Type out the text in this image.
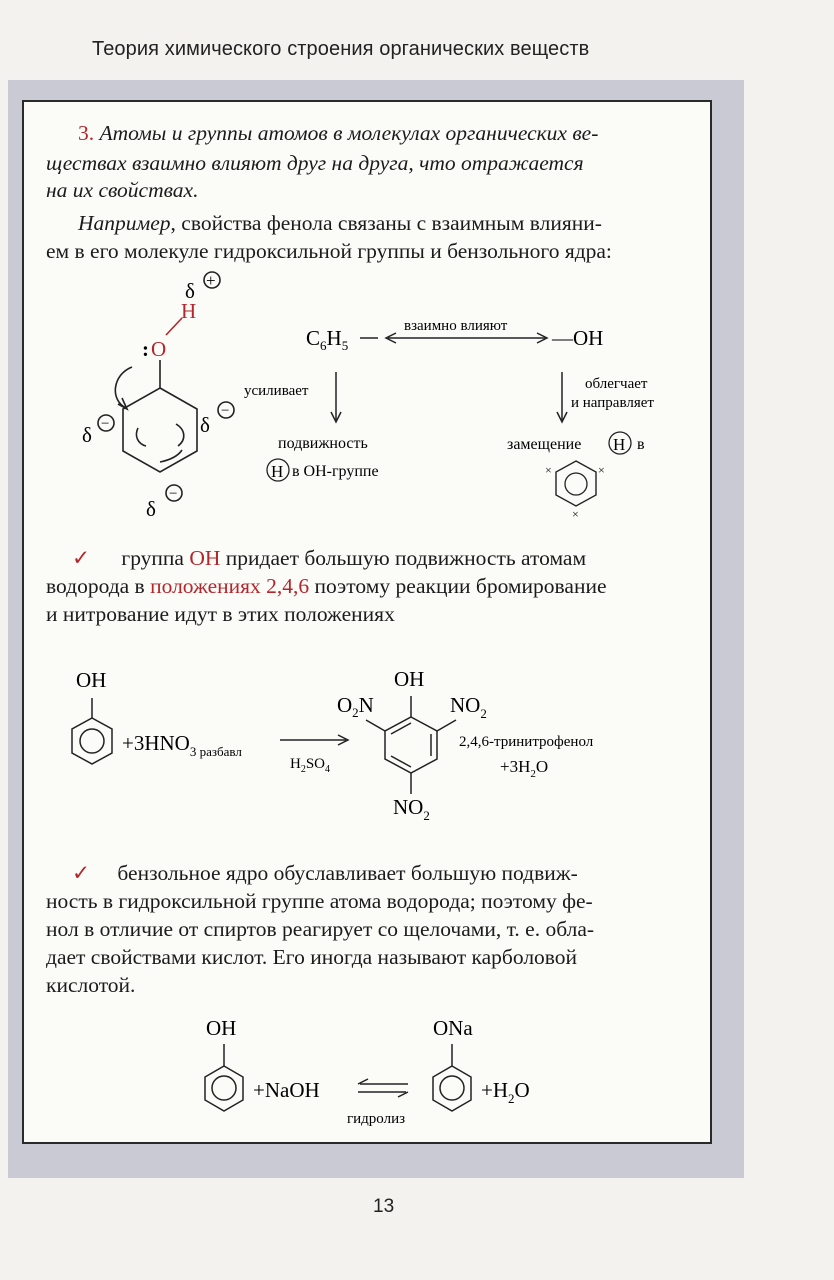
Теория химического строения органических веществ
3. Атомы и группы атомов в молекулах органических ве-
ществах взаимно влияют друг на друга, что отражается
на их свойствах.
Например, свойства фенола связаны с взаимным влияни-
ем в его молекуле гидроксильной группы и бензольного ядра:
δ +
H
: O
δ −	δ
−
δ
−
$C_6H_5$
взаимно влияют —OH
усиливает
подвижность
H в OH-группе
облегчает
и направляет
замещение H в
×	×
×
✓ группа OH придает большую подвижность атомам
водорода в положениях 2,4,6 поэтому реакции бромирование
и нитрование идут в этих положениях
OH
$+3HNO_{3 разбавл}$
$H_2SO_4$
OH
$O_2N$	$NO_2$
$NO_2$
2,4,6-тринитрофенол
$+3H_2O$
✓ бензольное ядро обуславливает большую подвиж-
ность в гидроксильной группе атома водорода; поэтому фе-
нол в отличие от спиртов реагирует со щелочами, т. е. обла-
дает свойствами кислот. Его иногда называют карболовой
кислотой.
OH
+NaOH
ONa
$+H_2O$
гидролиз
13
